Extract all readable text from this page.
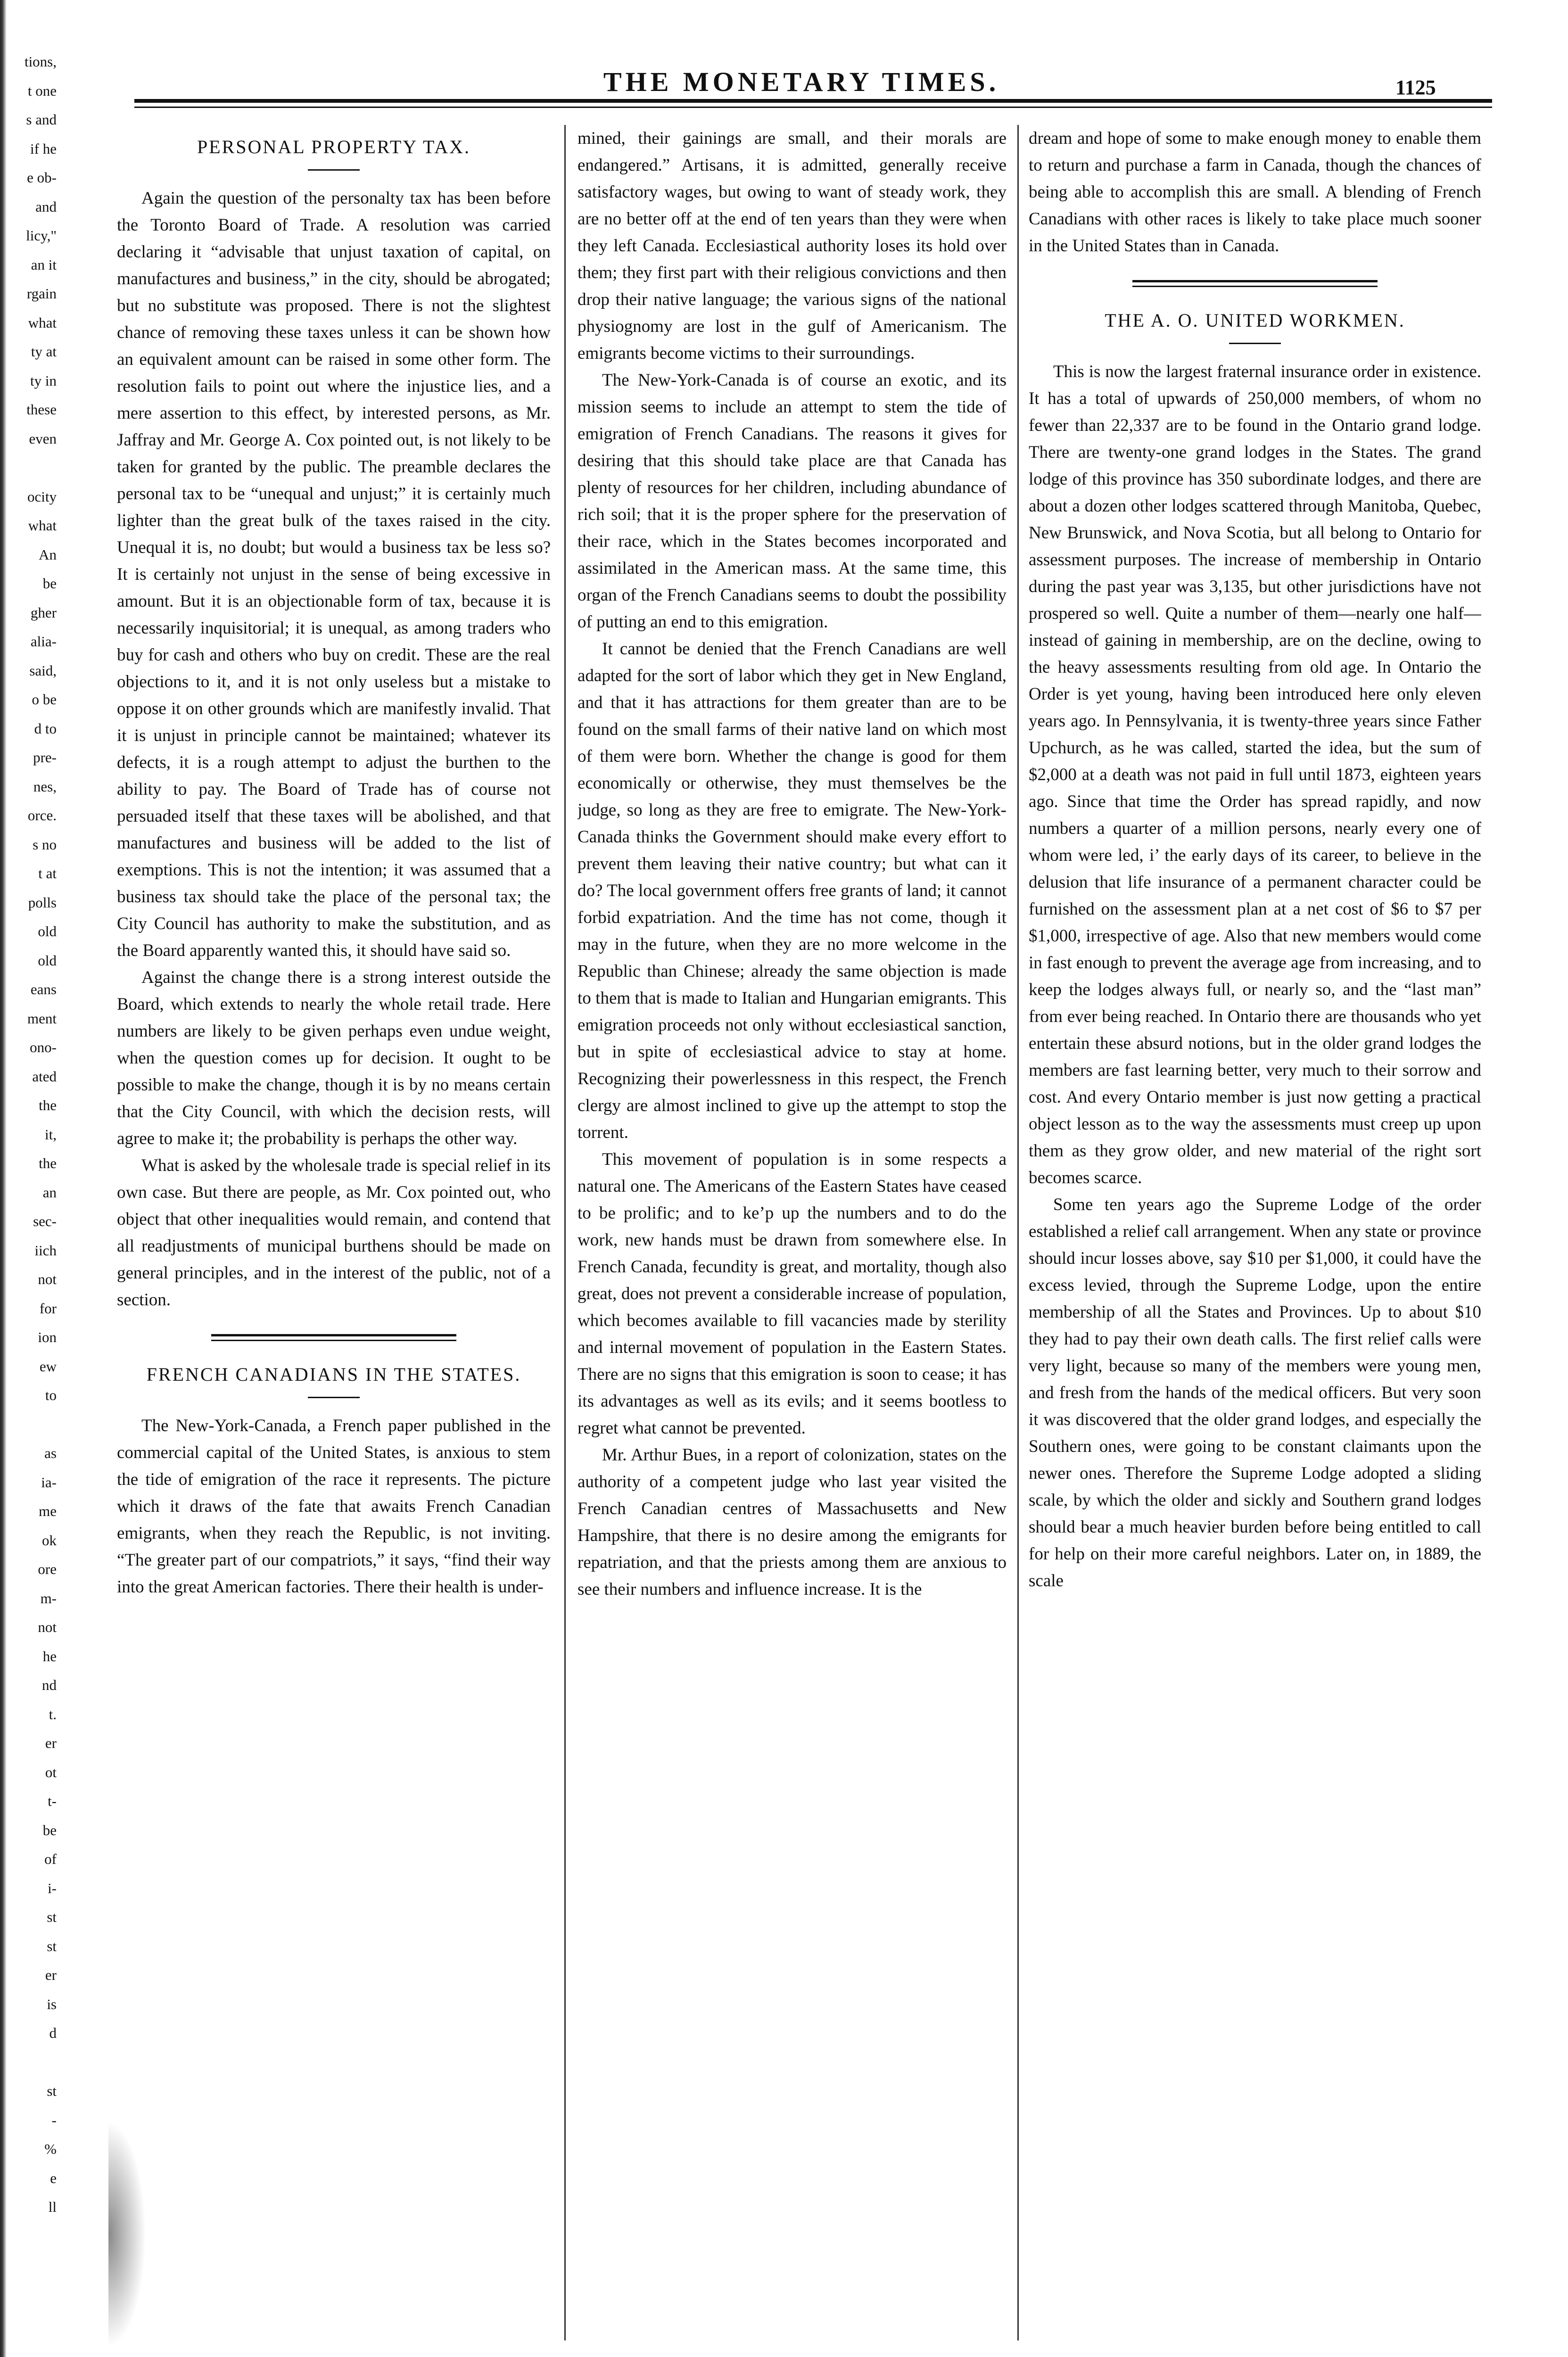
tions,
t one
s and
if he
e ob-
and
licy,"
an it
rgain
what
ty at
ty in
these
even

ocity
what
An
be
gher
alia-
said,
o be
d to
pre-
nes,
orce.
s no
t at
polls
old
old
eans
ment
ono-
ated
the
it,
the
an
sec-
iich
not
for
ion
ew
to

as
ia-
me
ok
ore
m-
not
he
nd
t.
er
ot
t-
be
of
i-
st
st
er
is
d

st
-
%
e
ll
THE MONETARY TIMES.	1125
PERSONAL PROPERTY TAX.

Again the question of the personalty tax has been before the Toronto Board of Trade. A resolution was carried declaring it “advisable that unjust taxation of capital, on manufactures and business,” in the city, should be abrogated; but no substitute was proposed. There is not the slightest chance of removing these taxes unless it can be shown how an equivalent amount can be raised in some other form. The resolution fails to point out where the injustice lies, and a mere assertion to this effect, by interested persons, as Mr. Jaffray and Mr. George A. Cox pointed out, is not likely to be taken for granted by the public. The preamble declares the personal tax to be “unequal and unjust;” it is certainly much lighter than the great bulk of the taxes raised in the city. Unequal it is, no doubt; but would a business tax be less so? It is certainly not unjust in the sense of being excessive in amount. But it is an objectionable form of tax, because it is necessarily inquisitorial; it is unequal, as among traders who buy for cash and others who buy on credit. These are the real objections to it, and it is not only useless but a mistake to oppose it on other grounds which are manifestly invalid. That it is unjust in principle cannot be maintained; whatever its defects, it is a rough attempt to adjust the burthen to the ability to pay. The Board of Trade has of course not persuaded itself that these taxes will be abolished, and that manufactures and business will be added to the list of exemptions. This is not the intention; it was assumed that a business tax should take the place of the personal tax; the City Council has authority to make the substitution, and as the Board apparently wanted this, it should have said so.

Against the change there is a strong interest outside the Board, which extends to nearly the whole retail trade. Here numbers are likely to be given perhaps even undue weight, when the question comes up for decision. It ought to be possible to make the change, though it is by no means certain that the City Council, with which the decision rests, will agree to make it; the probability is perhaps the other way.

What is asked by the wholesale trade is special relief in its own case. But there are people, as Mr. Cox pointed out, who object that other inequalities would remain, and contend that all readjustments of municipal burthens should be made on general principles, and in the interest of the public, not of a section.

FRENCH CANADIANS IN THE STATES.

The New-York-Canada, a French paper published in the commercial capital of the United States, is anxious to stem the tide of emigration of the race it represents. The picture which it draws of the fate that awaits French Canadian emigrants, when they reach the Republic, is not inviting. “The greater part of our compatriots,” it says, “find their way into the great American factories. There their health is under-

mined, their gainings are small, and their morals are endangered.” Artisans, it is admitted, generally receive satisfactory wages, but owing to want of steady work, they are no better off at the end of ten years than they were when they left Canada. Ecclesiastical authority loses its hold over them; they first part with their religious convictions and then drop their native language; the various signs of the national physiognomy are lost in the gulf of Americanism. The emigrants become victims to their surroundings.

The New-York-Canada is of course an exotic, and its mission seems to include an attempt to stem the tide of emigration of French Canadians. The reasons it gives for desiring that this should take place are that Canada has plenty of resources for her children, including abundance of rich soil; that it is the proper sphere for the preservation of their race, which in the States becomes incorporated and assimilated in the American mass. At the same time, this organ of the French Canadians seems to doubt the possibility of putting an end to this emigration.

It cannot be denied that the French Canadians are well adapted for the sort of labor which they get in New England, and that it has attractions for them greater than are to be found on the small farms of their native land on which most of them were born. Whether the change is good for them economically or otherwise, they must themselves be the judge, so long as they are free to emigrate. The New-York-Canada thinks the Government should make every effort to prevent them leaving their native country; but what can it do? The local government offers free grants of land; it cannot forbid expatriation. And the time has not come, though it may in the future, when they are no more welcome in the Republic than Chinese; already the same objection is made to them that is made to Italian and Hungarian emigrants. This emigration proceeds not only without ecclesiastical sanction, but in spite of ecclesiastical advice to stay at home. Recognizing their powerlessness in this respect, the French clergy are almost inclined to give up the attempt to stop the torrent.

This movement of population is in some respects a natural one. The Americans of the Eastern States have ceased to be prolific; and to ke’p up the numbers and to do the work, new hands must be drawn from somewhere else. In French Canada, fecundity is great, and mortality, though also great, does not prevent a considerable increase of population, which becomes available to fill vacancies made by sterility and internal movement of population in the Eastern States. There are no signs that this emigration is soon to cease; it has its advantages as well as its evils; and it seems bootless to regret what cannot be prevented.

Mr. Arthur Bues, in a report of colonization, states on the authority of a competent judge who last year visited the French Canadian centres of Massachusetts and New Hampshire, that there is no desire among the emigrants for repatriation, and that the priests among them are anxious to see their numbers and influence increase. It is the

dream and hope of some to make enough money to enable them to return and purchase a farm in Canada, though the chances of being able to accomplish this are small. A blending of French Canadians with other races is likely to take place much sooner in the United States than in Canada.

THE A. O. UNITED WORKMEN.

This is now the largest fraternal insurance order in existence. It has a total of upwards of 250,000 members, of whom no fewer than 22,337 are to be found in the Ontario grand lodge. There are twenty-one grand lodges in the States. The grand lodge of this province has 350 subordinate lodges, and there are about a dozen other lodges scattered through Manitoba, Quebec, New Brunswick, and Nova Scotia, but all belong to Ontario for assessment purposes. The increase of membership in Ontario during the past year was 3,135, but other jurisdictions have not prospered so well. Quite a number of them—nearly one half—instead of gaining in membership, are on the decline, owing to the heavy assessments resulting from old age. In Ontario the Order is yet young, having been introduced here only eleven years ago. In Pennsylvania, it is twenty-three years since Father Upchurch, as he was called, started the idea, but the sum of $2,000 at a death was not paid in full until 1873, eighteen years ago. Since that time the Order has spread rapidly, and now numbers a quarter of a million persons, nearly every one of whom were led, i’ the early days of its career, to believe in the delusion that life insurance of a permanent character could be furnished on the assessment plan at a net cost of $6 to $7 per $1,000, irrespective of age. Also that new members would come in fast enough to prevent the average age from increasing, and to keep the lodges always full, or nearly so, and the “last man” from ever being reached. In Ontario there are thousands who yet entertain these absurd notions, but in the older grand lodges the members are fast learning better, very much to their sorrow and cost. And every Ontario member is just now getting a practical object lesson as to the way the assessments must creep up upon them as they grow older, and new material of the right sort becomes scarce.

Some ten years ago the Supreme Lodge of the order established a relief call arrangement. When any state or province should incur losses above, say $10 per $1,000, it could have the excess levied, through the Supreme Lodge, upon the entire membership of all the States and Provinces. Up to about $10 they had to pay their own death calls. The first relief calls were very light, because so many of the members were young men, and fresh from the hands of the medical officers. But very soon it was discovered that the older grand lodges, and especially the Southern ones, were going to be constant claimants upon the newer ones. Therefore the Supreme Lodge adopted a sliding scale, by which the older and sickly and Southern grand lodges should bear a much heavier burden before being entitled to call for help on their more careful neighbors. Later on, in 1889, the scale
